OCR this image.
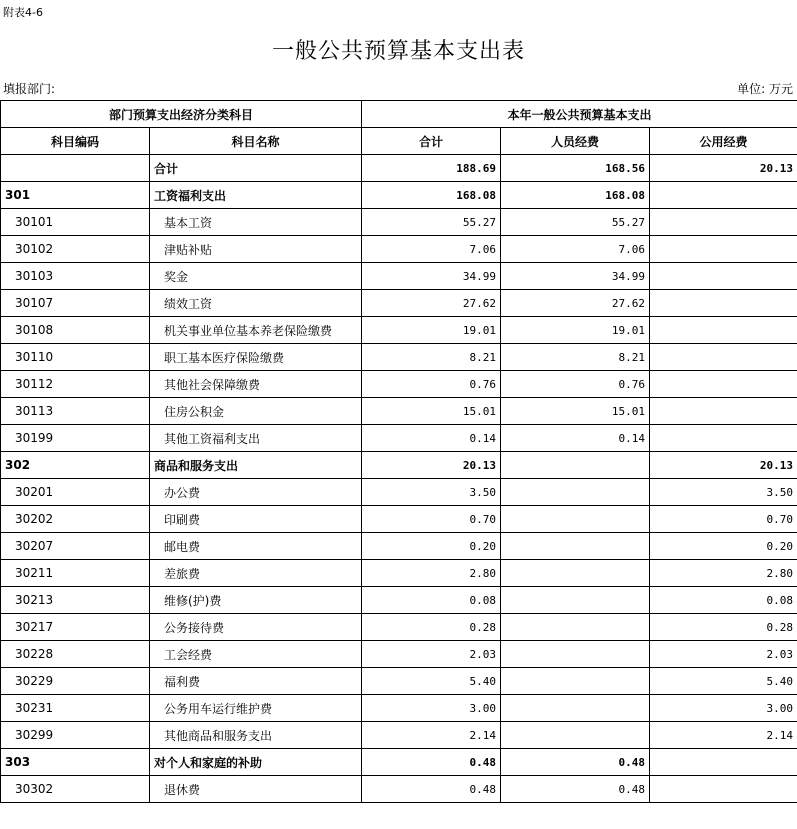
附表4-6
一般公共预算基本支出表
填报部门:	单位: 万元
部门预算支出经济分类科目		本年一般公共预算基本支出		
科目编码	科目名称	合计	人员经费	公用经费
	合计	188.69	168.56	20.13
301	工资福利支出	168.08	168.08	
30101	基本工资	55.27	55.27	
30102	津贴补贴	7.06	7.06	
30103	奖金	34.99	34.99	
30107	绩效工资	27.62	27.62	
30108	机关事业单位基本养老保险缴费	19.01	19.01	
30110	职工基本医疗保险缴费	8.21	8.21	
30112	其他社会保障缴费	0.76	0.76	
30113	住房公积金	15.01	15.01	
30199	其他工资福利支出	0.14	0.14	
302	商品和服务支出	20.13		20.13
30201	办公费	3.50		3.50
30202	印刷费	0.70		0.70
30207	邮电费	0.20		0.20
30211	差旅费	2.80		2.80
30213	维修(护)费	0.08		0.08
30217	公务接待费	0.28		0.28
30228	工会经费	2.03		2.03
30229	福利费	5.40		5.40
30231	公务用车运行维护费	3.00		3.00
30299	其他商品和服务支出	2.14		2.14
303	对个人和家庭的补助	0.48	0.48	
30302	退休费	0.48	0.48	
